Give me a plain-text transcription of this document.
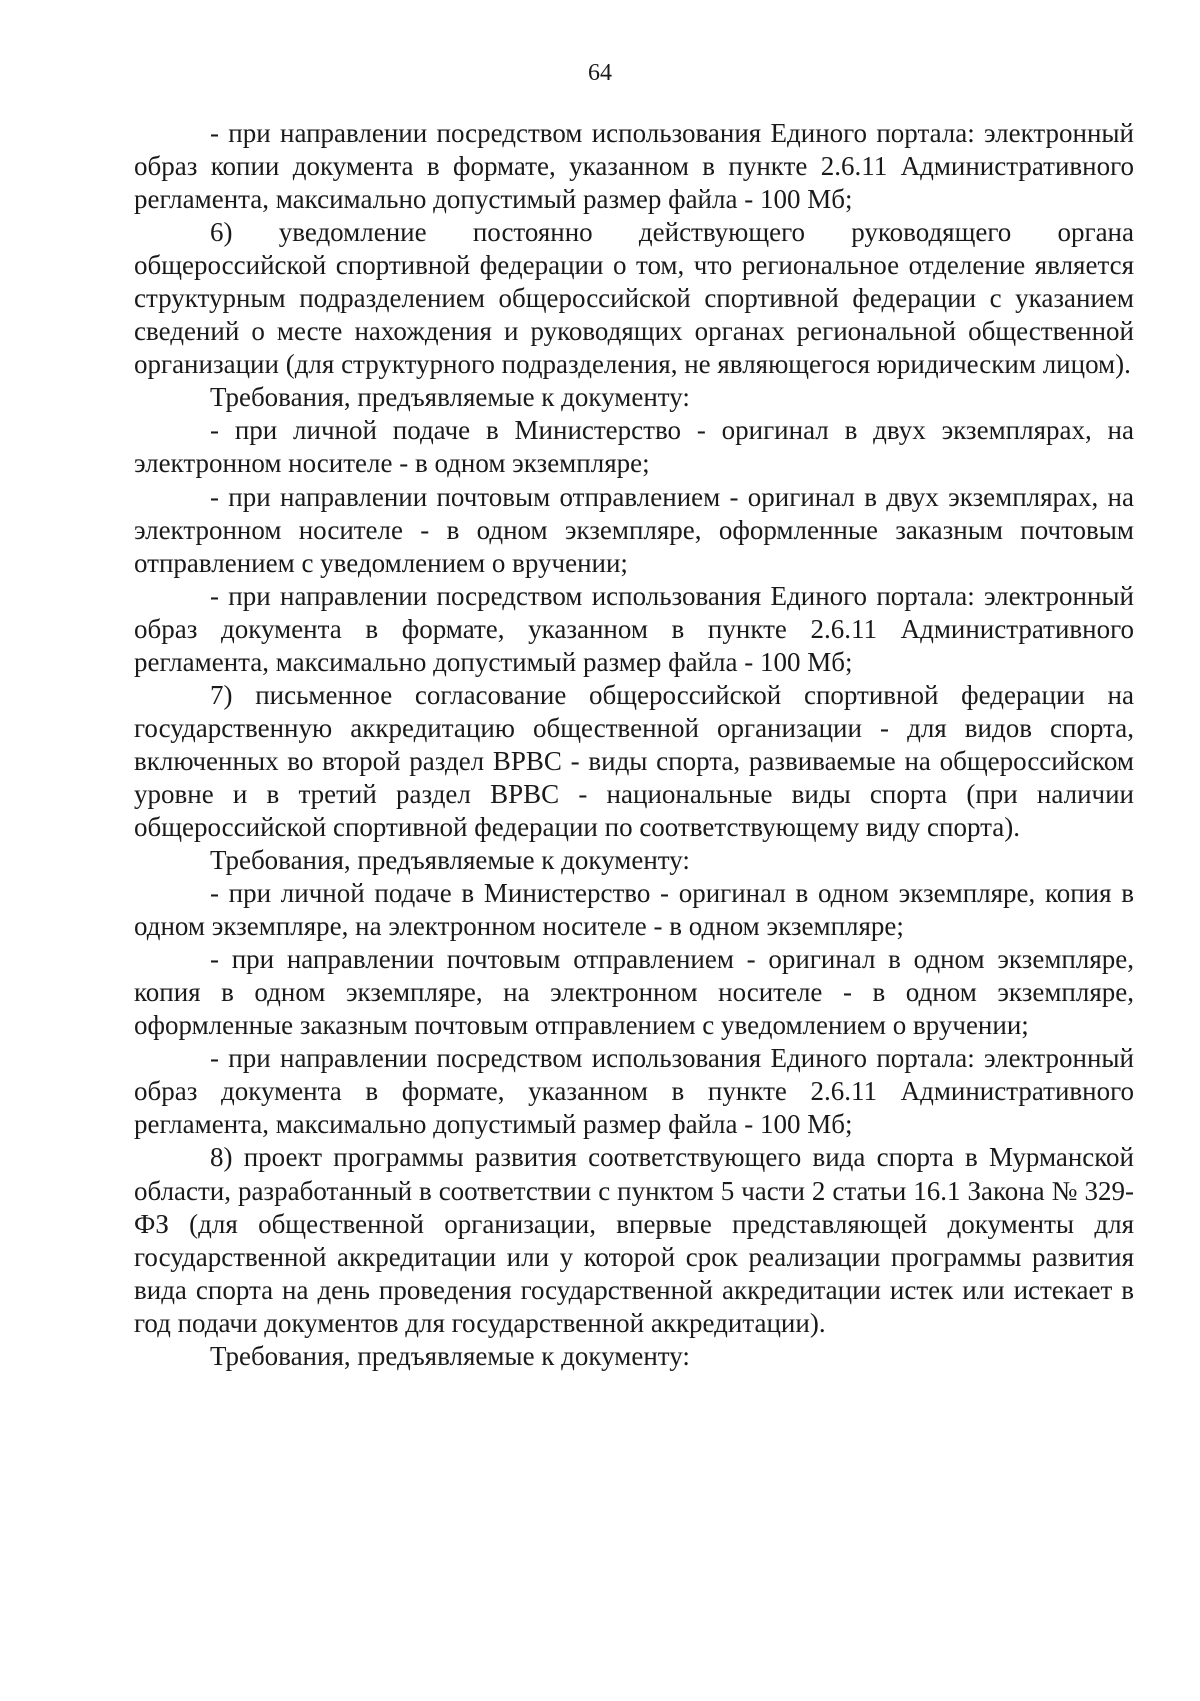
64

- при направлении посредством использования Единого портала: электронный образ копии документа в формате, указанном в пункте 2.6.11 Административного регламента, максимально допустимый размер файла - 100 Мб;

6) уведомление постоянно действующего руководящего органа общероссийской спортивной федерации о том, что региональное отделение является структурным подразделением общероссийской спортивной федерации с указанием сведений о месте нахождения и руководящих органах региональной общественной организации (для структурного подразделения, не являющегося юридическим лицом).

Требования, предъявляемые к документу:

- при личной подаче в Министерство - оригинал в двух экземплярах, на электронном носителе - в одном экземпляре;

- при направлении почтовым отправлением - оригинал в двух экземплярах, на электронном носителе - в одном экземпляре, оформленные заказным почтовым отправлением с уведомлением о вручении;

- при направлении посредством использования Единого портала: электронный образ документа в формате, указанном в пункте 2.6.11 Административного регламента, максимально допустимый размер файла - 100 Мб;

7) письменное согласование общероссийской спортивной федерации на государственную аккредитацию общественной организации - для видов спорта, включенных во второй раздел ВРВС - виды спорта, развиваемые на общероссийском уровне и в третий раздел ВРВС - национальные виды спорта (при наличии общероссийской спортивной федерации по соответствующему виду спорта).

Требования, предъявляемые к документу:

- при личной подаче в Министерство - оригинал в одном экземпляре, копия в одном экземпляре, на электронном носителе - в одном экземпляре;

- при направлении почтовым отправлением - оригинал в одном экземпляре, копия в одном экземпляре, на электронном носителе - в одном экземпляре, оформленные заказным почтовым отправлением с уведомлением о вручении;

- при направлении посредством использования Единого портала: электронный образ документа в формате, указанном в пункте 2.6.11 Административного регламента, максимально допустимый размер файла - 100 Мб;

8) проект программы развития соответствующего вида спорта в Мурманской области, разработанный в соответствии с пунктом 5 части 2 статьи 16.1 Закона № 329-ФЗ (для общественной организации, впервые представляющей документы для государственной аккредитации или у которой срок реализации программы развития вида спорта на день проведения государственной аккредитации истек или истекает в год подачи документов для государственной аккредитации).

Требования, предъявляемые к документу:
